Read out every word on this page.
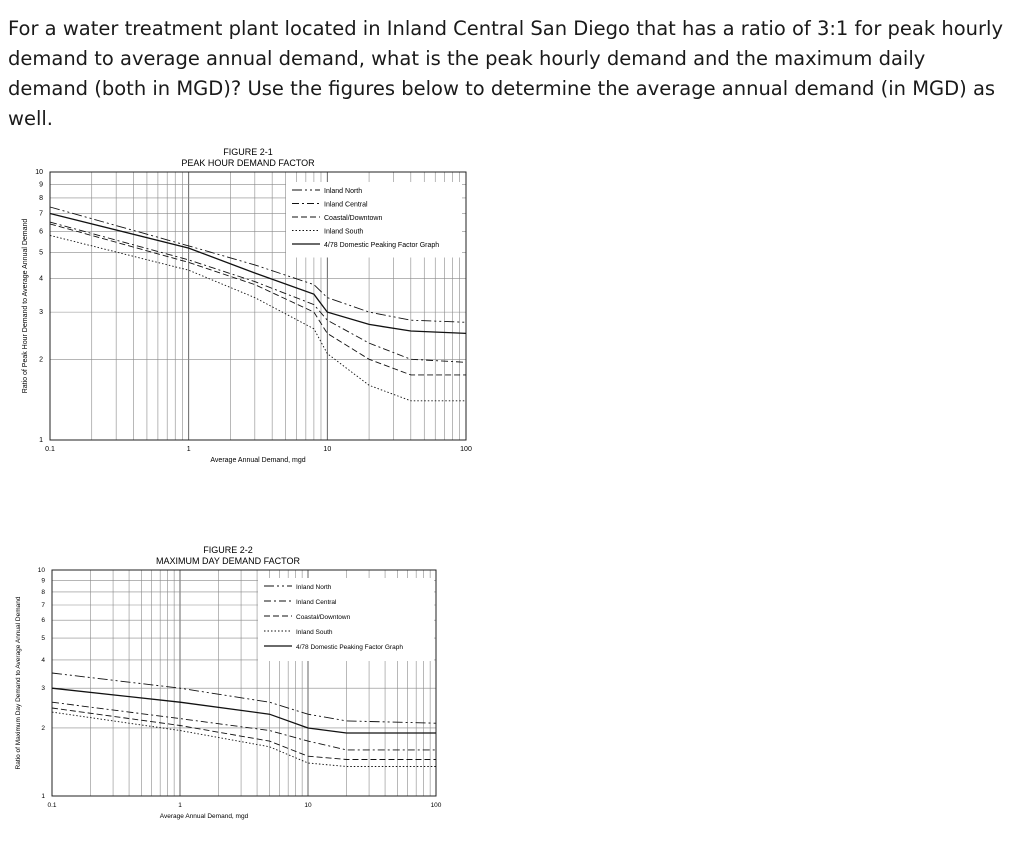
For a water treatment plant located in Inland Central San Diego that has a ratio of 3:1 for peak hourly demand to average annual demand, what is the peak hourly demand and the maximum daily demand (both in MGD)? Use the figures below to determine the average annual demand (in MGD) as well.
FIGURE 2-1
PEAK HOUR DEMAND FACTOR
1
2
3
4
5
6
7
8
9
10
0.1	1	10	100
Average Annual Demand, mgd
Ratio of Peak Hour Demand to Average Annual Demand
Inland North
Inland Central
Coastal/Downtown
Inland South
4/78 Domestic Peaking Factor Graph
FIGURE 2-2
MAXIMUM DAY DEMAND FACTOR
1
2
3
4
5
6
7
8
9
10
0.1	1	10	100
Average Annual Demand, mgd
Ratio of Maximum Day Demand to Average Annual Demand
Inland North
Inland Central
Coastal/Downtown
Inland South
4/78 Domestic Peaking Factor Graph
